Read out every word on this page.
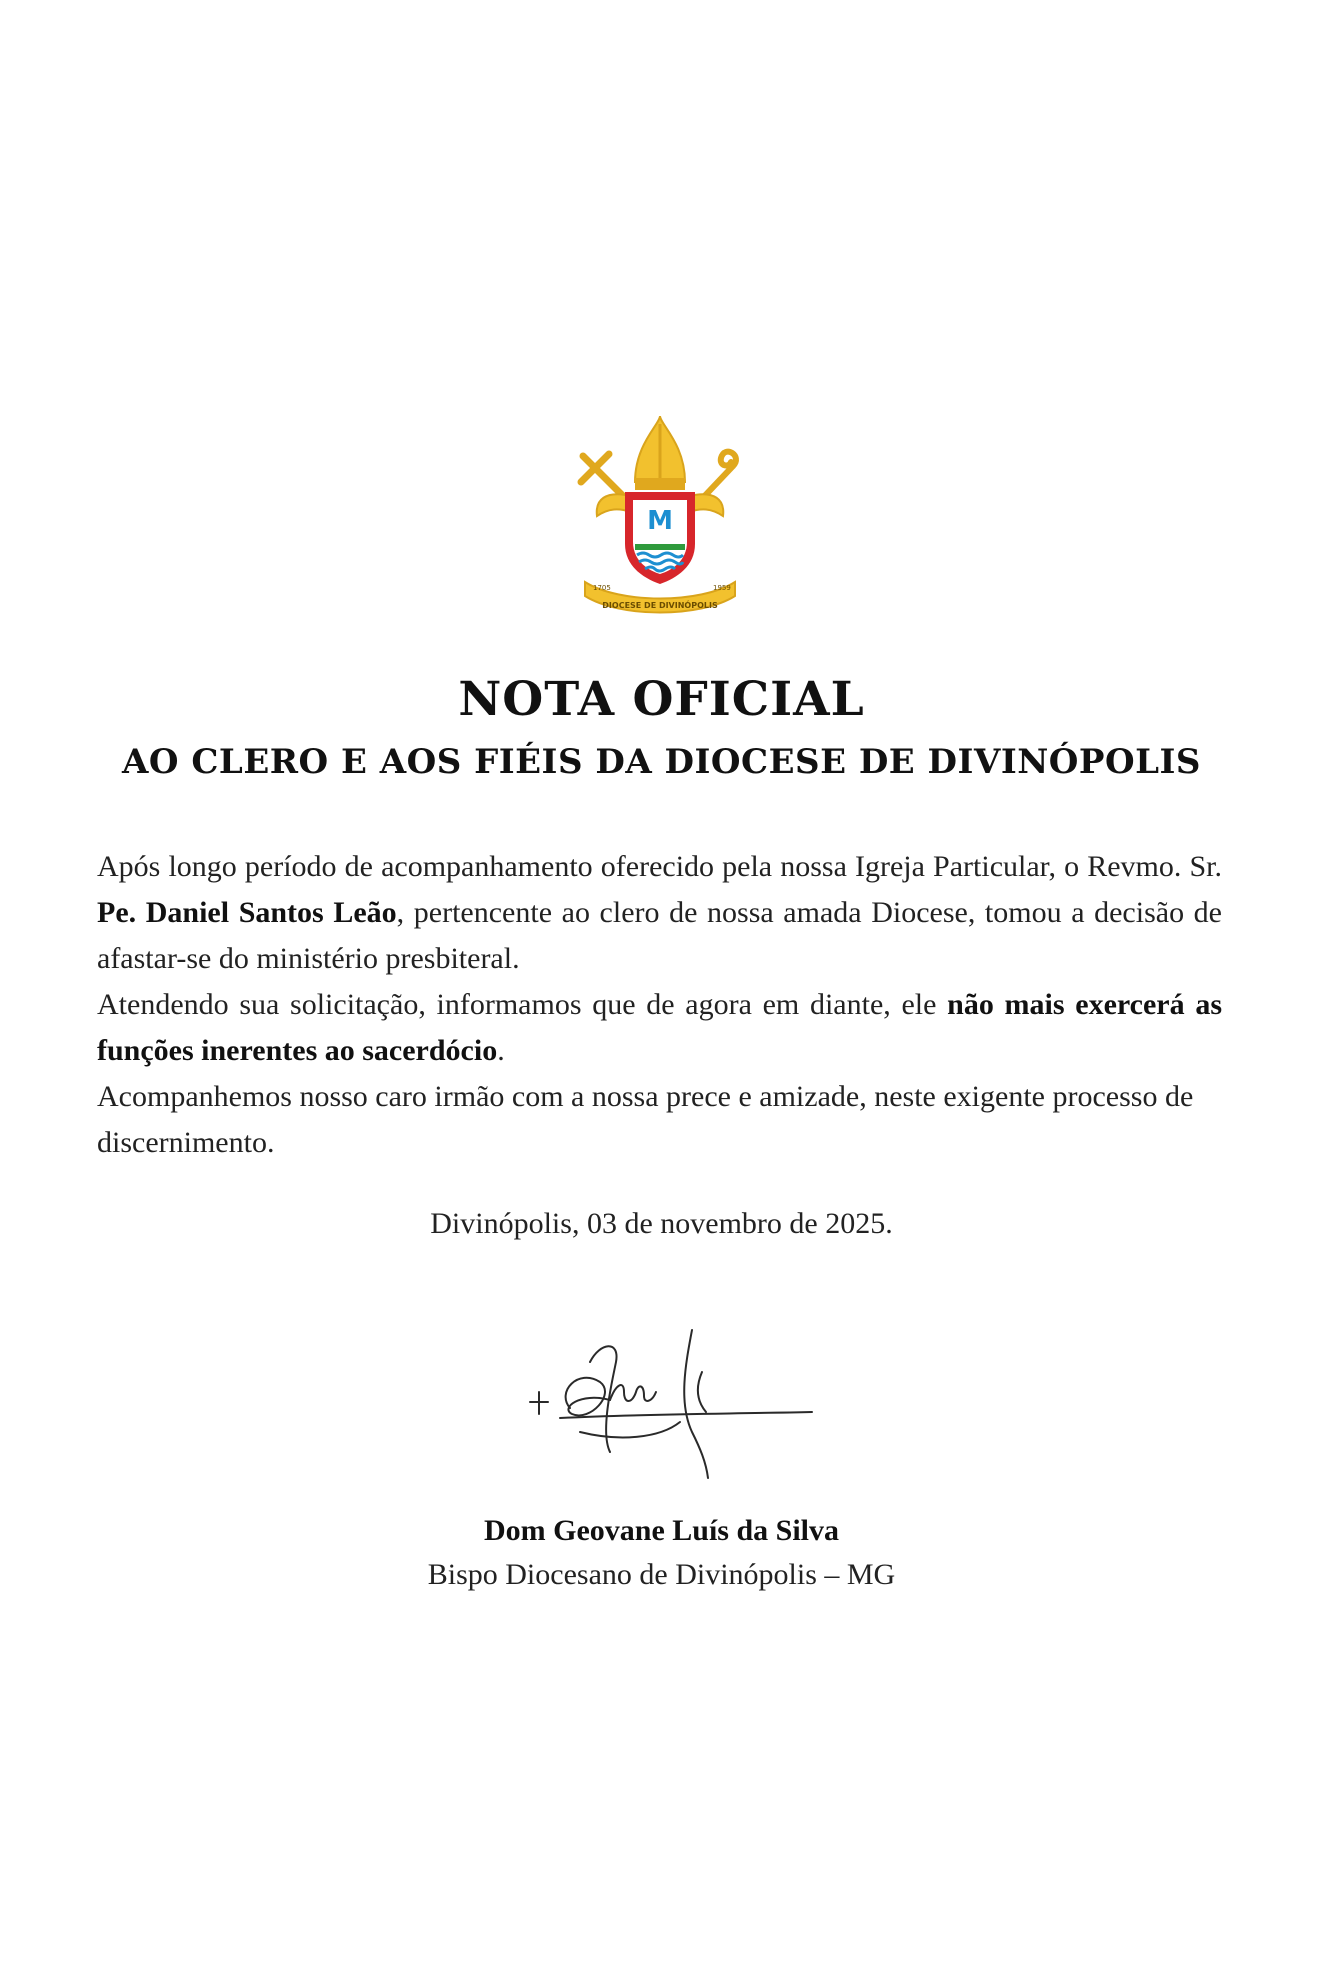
M
1705	1959
DIOCESE DE DIVINÓPOLIS
NOTA OFICIAL
AO CLERO E AOS FIÉIS DA DIOCESE DE DIVINÓPOLIS

Após longo período de acompanhamento oferecido pela nossa Igreja Particular, o Revmo. Sr. Pe. Daniel Santos Leão, pertencente ao clero de nossa amada Diocese, tomou a decisão de afastar-se do ministério presbiteral.

Atendendo sua solicitação, informamos que de agora em diante, ele não mais exercerá as funções inerentes ao sacerdócio.

Acompanhemos nosso caro irmão com a nossa prece e amizade, neste exigente processo de discernimento.

Divinópolis, 03 de novembro de 2025.
Dom Geovane Luís da Silva
Bispo Diocesano de Divinópolis – MG
